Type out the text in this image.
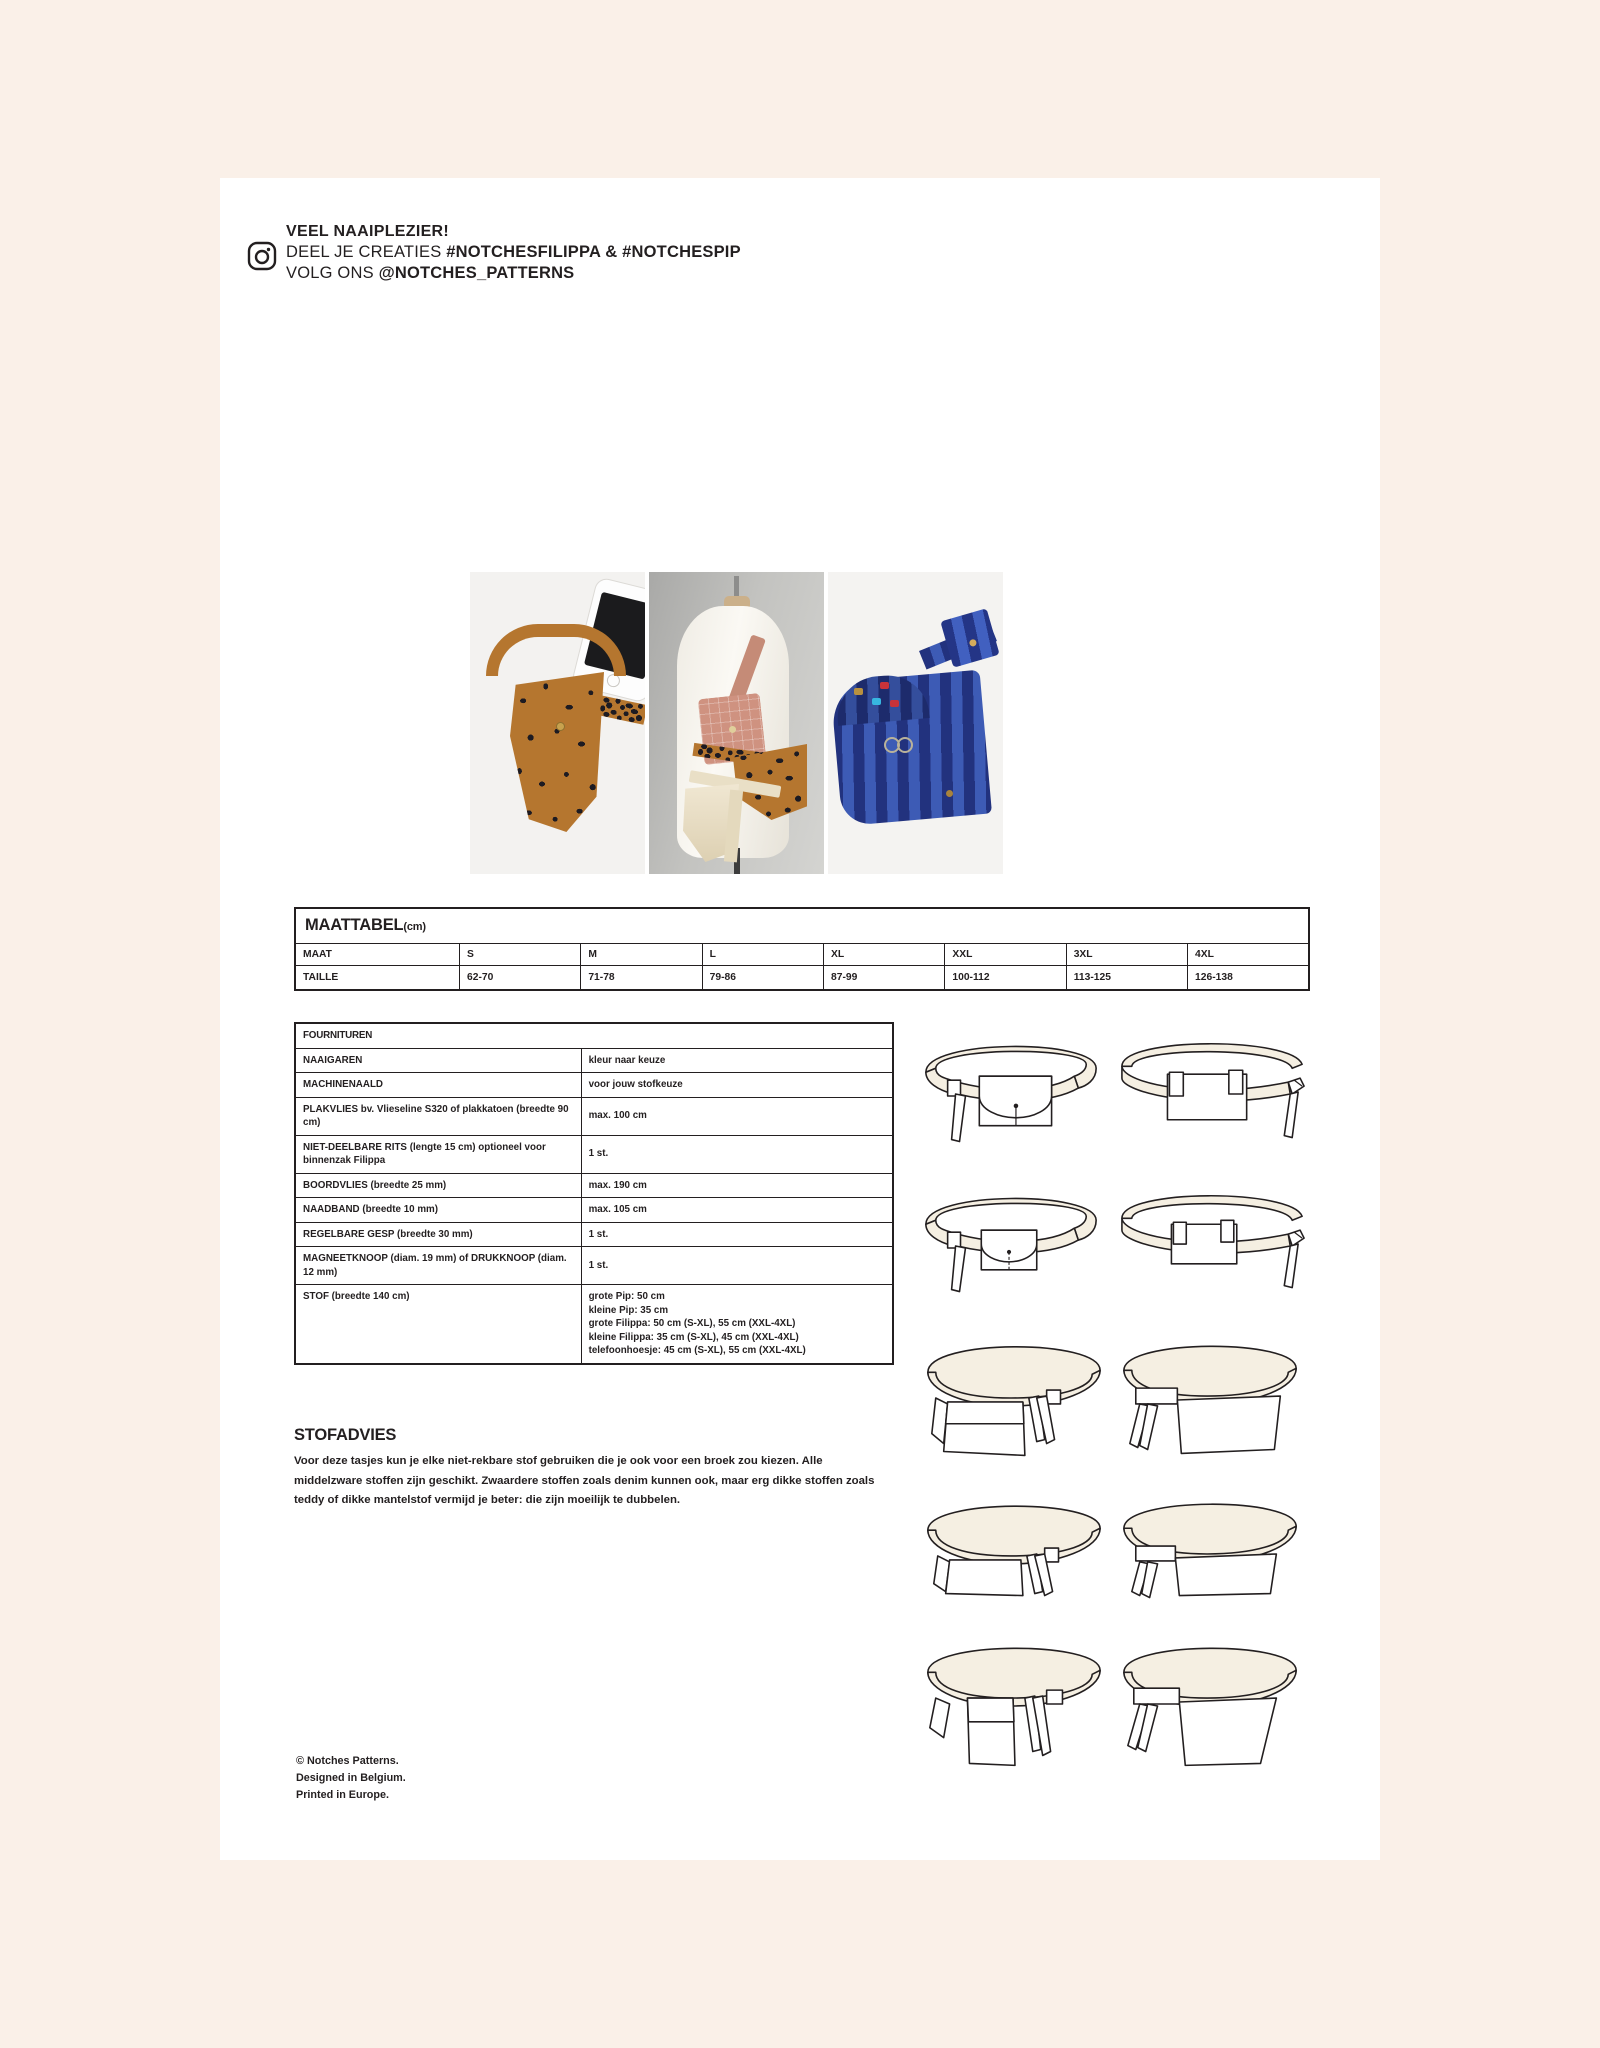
VEEL NAAIPLEZIER!
DEEL JE CREATIES #NOTCHESFILIPPA & #NOTCHESPIP
VOLG ONS @NOTCHES_PATTERNS
MAATTABEL(cm)							
MAAT	S	M	L	XL	XXL	3XL	4XL
TAILLE	62-70	71-78	79-86	87-99	100-112	113-125	126-138
FOURNITUREN	
NAAIGAREN	kleur naar keuze
MACHINENAALD	voor jouw stofkeuze
PLAKVLIES bv. Vlieseline S320 of plakkatoen (breedte 90 cm)	max. 100 cm
NIET-DEELBARE RITS (lengte 15 cm) optioneel voor binnenzak Filippa	1 st.
BOORDVLIES (breedte 25 mm)	max. 190 cm
NAADBAND (breedte 10 mm)	max. 105 cm
REGELBARE GESP (breedte 30 mm)	1 st.
MAGNEETKNOOP (diam. 19 mm) of DRUKKNOOP (diam. 12 mm)	1 st.
STOF (breedte 140 cm)	grote Pip: 50 cm
kleine Pip: 35 cm
grote Filippa: 50 cm (S-XL), 55 cm (XXL-4XL)
kleine Filippa: 35 cm (S-XL), 45 cm (XXL-4XL)
telefoonhoesje: 45 cm (S-XL), 55 cm (XXL-4XL)
STOFADVIES

Voor deze tasjes kun je elke niet-rekbare stof gebruiken die je ook voor een broek zou kiezen. Alle middelzware stoffen zijn geschikt. Zwaardere stoffen zoals denim kunnen ook, maar erg dikke stoffen zoals teddy of dikke mantelstof vermijd je beter: die zijn moeilijk te dubbelen.

© Notches Patterns.
Designed in Belgium.
Printed in Europe.
